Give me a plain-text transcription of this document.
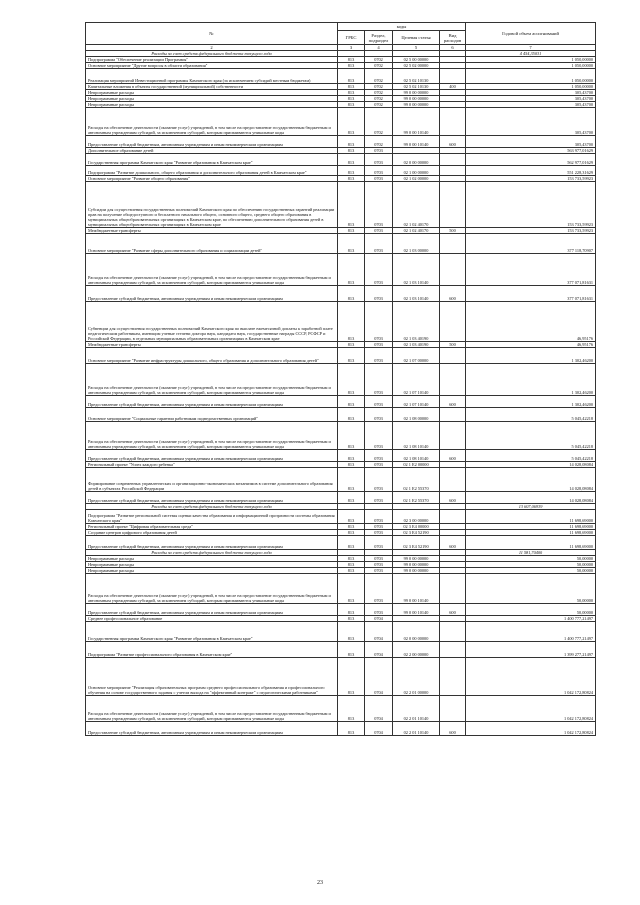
№	коды				Годовой объем ассигнований
	ГРБС	Раздел, подраздел	Целевая статья	Вид расходов	
2	3	4	5	6	7
Расходы за счет средств федерального бюджета текущего года					4 454,35031
Подпрограмма "Обеспечение реализации Программы"	813	0702	02 5 00 00000		1 050,00000
Основное мероприятие "Другие вопросы в области образования"	813	0702	02 5 02 00000		1 050,00000
Реализация мероприятий Инвестиционной программы Камчатского края (за исключением субсидий местным бюджетам)	813	0702	02 5 02 10130		1 050,00000
Капитальные вложения в объекты государственной (муниципальной) собственности	813	0702	02 5 02 10130	400	1 050,00000
Непрограммные расходы	813	0702	99 0 00 00000		305,43700
Непрограммные расходы	813	0702	99 0 00 00000		305,43700
Непрограммные расходы	813	0702	99 0 00 00000		305,43700
Расходы на обеспечение деятельности (оказание услуг) учреждений, в том числе на предоставление государственным бюджетным и автономным учреждениям субсидий, за исключением субсидий, которым присваиваются уникальные коды	813	0702	99 0 00 10140		305,43700
Предоставление субсидий бюджетным, автономным учреждениям и иным некоммерческим организациям	813	0702	99 0 00 10140	600	305,43700
Дополнительное образование детей	813	0703			563 977,01629
Государственная программа Камчатского края "Развитие образования в Камчатском крае"	813	0703	02 0 00 00000		562 977,01629
Подпрограмма "Развитие дошкольного, общего образования и дополнительного образования детей в Камчатском крае"	813	0703	02 1 00 00000		551 228,31629
Основное мероприятие "Развитие общего образования"	813	0703	02 1 02 00000		153 733,59923
Субсидии для осуществления государственных полномочий Камчатского края по обеспечению государственных гарантий реализации прав на получение общедоступного и бесплатного начального общего, основного общего, среднего общего образования в муниципальных общеобразовательных организациях в Камчатском крае, по обеспечению дополнительного образования детей в муниципальных общеобразовательных организациях в Камчатском крае	813	0703	02 1 02 40170		153 733,59923
Межбюджетные трансферты	813	0703	02 1 02 40170	500	153 733,59923
Основное мероприятие "Развитие сферы дополнительного образования и социализации детей"	813	0703	02 1 03 00000		377 118,70907
Расходы на обеспечение деятельности (оказание услуг) учреждений, в том числе на предоставление государственным бюджетным и автономным учреждениям субсидий, за исключением субсидий, которым присваиваются уникальные коды	813	0703	02 1 03 10140		377 071,81631
Предоставление субсидий бюджетным, автономным учреждениям и иным некоммерческим организациям	813	0703	02 1 03 10140	600	377 071,81631
Субвенции для осуществления государственных полномочий Камчатского края по выплате ежемесячной доплаты к заработной плате педагогическим работникам, имеющим ученые степени доктора наук, кандидата наук, государственные награды СССР, РСФСР и Российской Федерации, в отдельных муниципальных образовательных организациях в Камчатском крае	813	0703	02 1 03 40190		46,95176
Межбюджетные трансферты	813	0703	02 1 03 40190	500	46,95176
Основное мероприятие "Развитие инфраструктуры дошкольного, общего образования и дополнительного образования детей"	813	0703	02 1 07 00000		1 302,46200
Расходы на обеспечение деятельности (оказание услуг) учреждений, в том числе на предоставление государственным бюджетным и автономным учреждениям субсидий, за исключением субсидий, которым присваиваются уникальные коды	813	0703	02 1 07 10140		1 302,46200
Предоставление субсидий бюджетным, автономным учреждениям и иным некоммерческим организациям	813	0703	02 1 07 10140	600	1 302,46200
Основное мероприятие "Социальные гарантии работникам подведомственных организаций"	813	0703	02 1 08 00000		5 045,42218
Расходы на обеспечение деятельности (оказание услуг) учреждений, в том числе на предоставление государственным бюджетным и автономным учреждениям субсидий, за исключением субсидий, которым присваиваются уникальные коды	813	0703	02 1 08 10140		5 045,42218
Предоставление субсидий бюджетным, автономным учреждениям и иным некоммерческим организациям	813	0703	02 1 08 10140	600	5 045,42218
Региональный проект "Успех каждого ребенка"	813	0703	02 1 E2 00000		14 028,08084
Формирование современных управленческих и организационно-экономических механизмов в системе дополнительного образования детей в субъектах Российской Федерации	813	0703	02 1 E2 55370		14 028,08084
Предоставление субсидий бюджетным, автономным учреждениям и иным некоммерческим организациям	813	0703	02 1 E2 55370	600	14 028,08084
Расходы за счет средств федерального бюджета текущего года					13 607,06939
Подпрограмма "Развитие региональной системы оценки качества образования и информационной прозрачности системы образования Камчатского края"	813	0703	02 3 00 00000		11 698,69000
Региональный проект "Цифровая образовательная среда"	813	0703	02 3 E4 00000		11 698,69000
Создание центров цифрового образования детей	813	0703	02 3 E4 52190		11 698,69000
Предоставление субсидий бюджетным, автономным учреждениям и иным некоммерческим организациям	813	0703	02 3 E4 52190	600	11 698,69000
Расходы за счет средств федерального бюджета текущего года					11 581,70400
Непрограммные расходы	813	0703	99 0 00 00000		50,00000
Непрограммные расходы	813	0703	99 0 00 00000		50,00000
Непрограммные расходы	813	0703	99 0 00 00000		50,00000
Расходы на обеспечение деятельности (оказание услуг) учреждений, в том числе на предоставление государственным бюджетным и автономным учреждениям субсидий, за исключением субсидий, которым присваиваются уникальные коды	813	0703	99 0 00 10140		50,00000
Предоставление субсидий бюджетным, автономным учреждениям и иным некоммерческим организациям	813	0703	99 0 00 10140	600	50,00000
Среднее профессиональное образование	813	0704			1 400 777,21497
Государственная программа Камчатского края "Развитие образования в Камчатском крае"	813	0704	02 0 00 00000		1 400 777,21497
Подпрограмма "Развитие профессионального образования в Камчатском крае"	813	0704	02 2 00 00000		1 399 277,21497
Основное мероприятие "Реализация образовательных программ среднего профессионального образования и профессионального обучения на основе государственного задания с учетом выхода на "эффективный контракт" с педагогическими работниками"	813	0704	02 2 01 00000		1 042 172,80824
Расходы на обеспечение деятельности (оказание услуг) учреждений, в том числе на предоставление государственным бюджетным и автономным учреждениям субсидий, за исключением субсидий, которым присваиваются уникальные коды	813	0704	02 2 01 10140		1 042 172,80824
Предоставление субсидий бюджетным, автономным учреждениям и иным некоммерческим организациям	813	0704	02 2 01 10140	600	1 042 172,80824
23
